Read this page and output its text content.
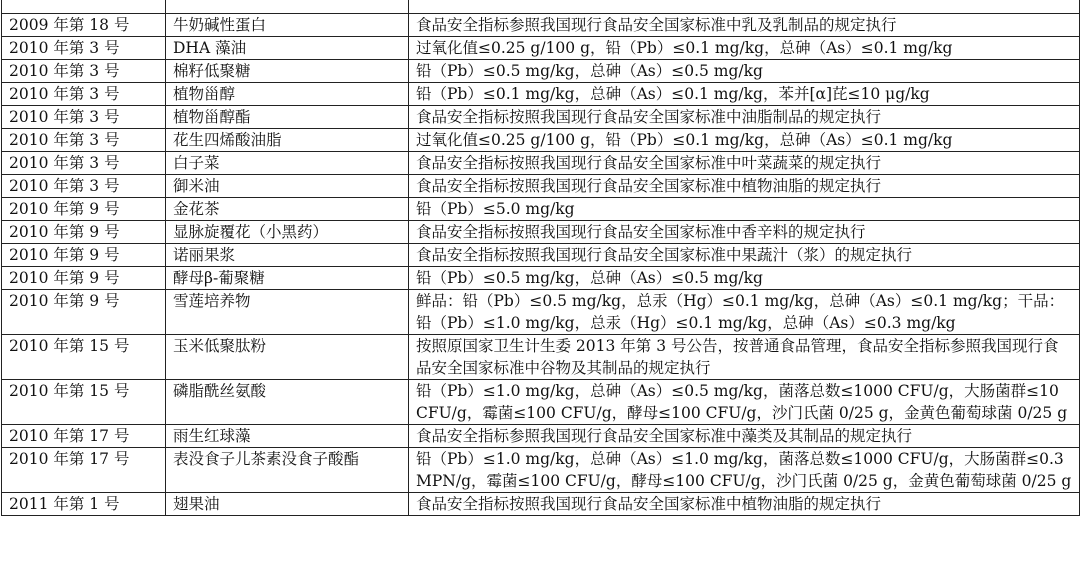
2009 年第 18 号	牛奶碱性蛋白	食品安全指标参照我国现行食品安全国家标准中乳及乳制品的规定执行
2010 年第 3 号	DHA 藻油	过氧化值≤0.25 g/100 g，铅（Pb）≤0.1 mg/kg，总砷（As）≤0.1 mg/kg
2010 年第 3 号	棉籽低聚糖	铅（Pb）≤0.5 mg/kg，总砷（As）≤0.5 mg/kg
2010 年第 3 号	植物甾醇	铅（Pb）≤0.1 mg/kg，总砷（As）≤0.1 mg/kg，苯并[α]芘≤10 μg/kg
2010 年第 3 号	植物甾醇酯	食品安全指标按照我国现行食品安全国家标准中油脂制品的规定执行
2010 年第 3 号	花生四烯酸油脂	过氧化值≤0.25 g/100 g，铅（Pb）≤0.1 mg/kg，总砷（As）≤0.1 mg/kg
2010 年第 3 号	白子菜	食品安全指标按照我国现行食品安全国家标准中叶菜蔬菜的规定执行
2010 年第 3 号	御米油	食品安全指标按照我国现行食品安全国家标准中植物油脂的规定执行
2010 年第 9 号	金花茶	铅（Pb）≤5.0 mg/kg
2010 年第 9 号	显脉旋覆花（小黑药）	食品安全指标按照我国现行食品安全国家标准中香辛料的规定执行
2010 年第 9 号	诺丽果浆	食品安全指标按照我国现行食品安全国家标准中果蔬汁（浆）的规定执行
2010 年第 9 号	酵母β-葡聚糖	铅（Pb）≤0.5 mg/kg，总砷（As）≤0.5 mg/kg
2010 年第 9 号	雪莲培养物	鲜品：铅（Pb）≤0.5 mg/kg，总汞（Hg）≤0.1 mg/kg，总砷（As）≤0.1 mg/kg；干品：铅（Pb）≤1.0 mg/kg，总汞（Hg）≤0.1 mg/kg，总砷（As）≤0.3 mg/kg
2010 年第 15 号	玉米低聚肽粉	按照原国家卫生计生委 2013 年第 3 号公告，按普通食品管理，食品安全指标参照我国现行食品安全国家标准中谷物及其制品的规定执行
2010 年第 15 号	磷脂酰丝氨酸	铅（Pb）≤1.0 mg/kg，总砷（As）≤0.5 mg/kg，菌落总数≤1000 CFU/g，大肠菌群≤10 CFU/g，霉菌≤100 CFU/g，酵母≤100 CFU/g，沙门氏菌 0/25 g，金黄色葡萄球菌 0/25 g
2010 年第 17 号	雨生红球藻	食品安全指标参照我国现行食品安全国家标准中藻类及其制品的规定执行
2010 年第 17 号	表没食子儿茶素没食子酸酯	铅（Pb）≤1.0 mg/kg，总砷（As）≤1.0 mg/kg，菌落总数≤1000 CFU/g，大肠菌群≤0.3 MPN/g，霉菌≤100 CFU/g，酵母≤100 CFU/g，沙门氏菌 0/25 g，金黄色葡萄球菌 0/25 g
2011 年第 1 号	翅果油	食品安全指标按照我国现行食品安全国家标准中植物油脂的规定执行
